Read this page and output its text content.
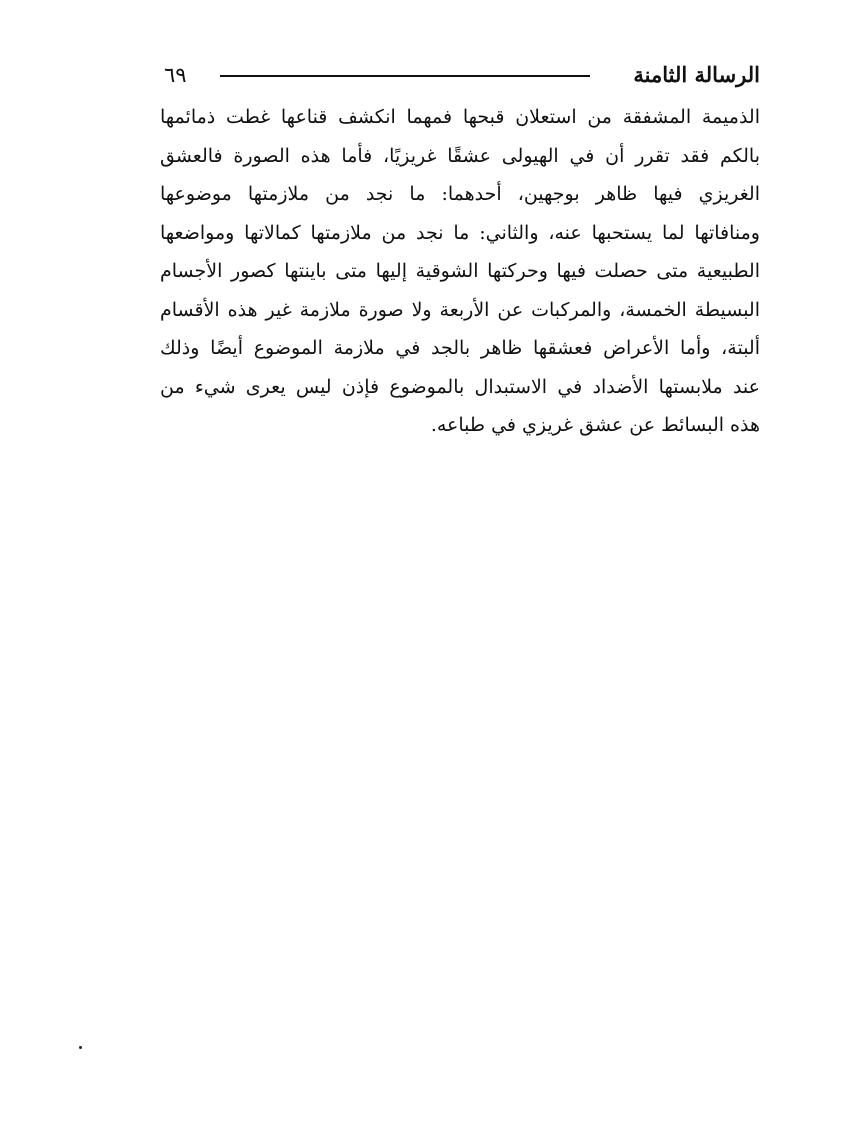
الرسالة الثامنة
٦٩
الذميمة المشفقة من استعلان قبحها فمهما انكشف قناعها غطت ذمائمها
بالكم فقد تقرر أن في الهيولى عشقًا غريزيًا، فأما هذه الصورة فالعشق
الغريزي فيها ظاهر بوجهين، أحدهما: ما نجد من ملازمتها موضوعها
ومنافاتها لما يستحبها عنه، والثاني: ما نجد من ملازمتها كمالاتها ومواضعها
الطبيعية متى حصلت فيها وحركتها الشوقية إليها متى باينتها كصور الأجسام
البسيطة الخمسة، والمركبات عن الأربعة ولا صورة ملازمة غير هذه الأقسام
ألبتة، وأما الأعراض فعشقها ظاهر بالجد في ملازمة الموضوع أيضًا وذلك
عند ملابستها الأضداد في الاستبدال بالموضوع فإذن ليس يعرى شيء من
هذه البسائط عن عشق غريزي في طباعه.
